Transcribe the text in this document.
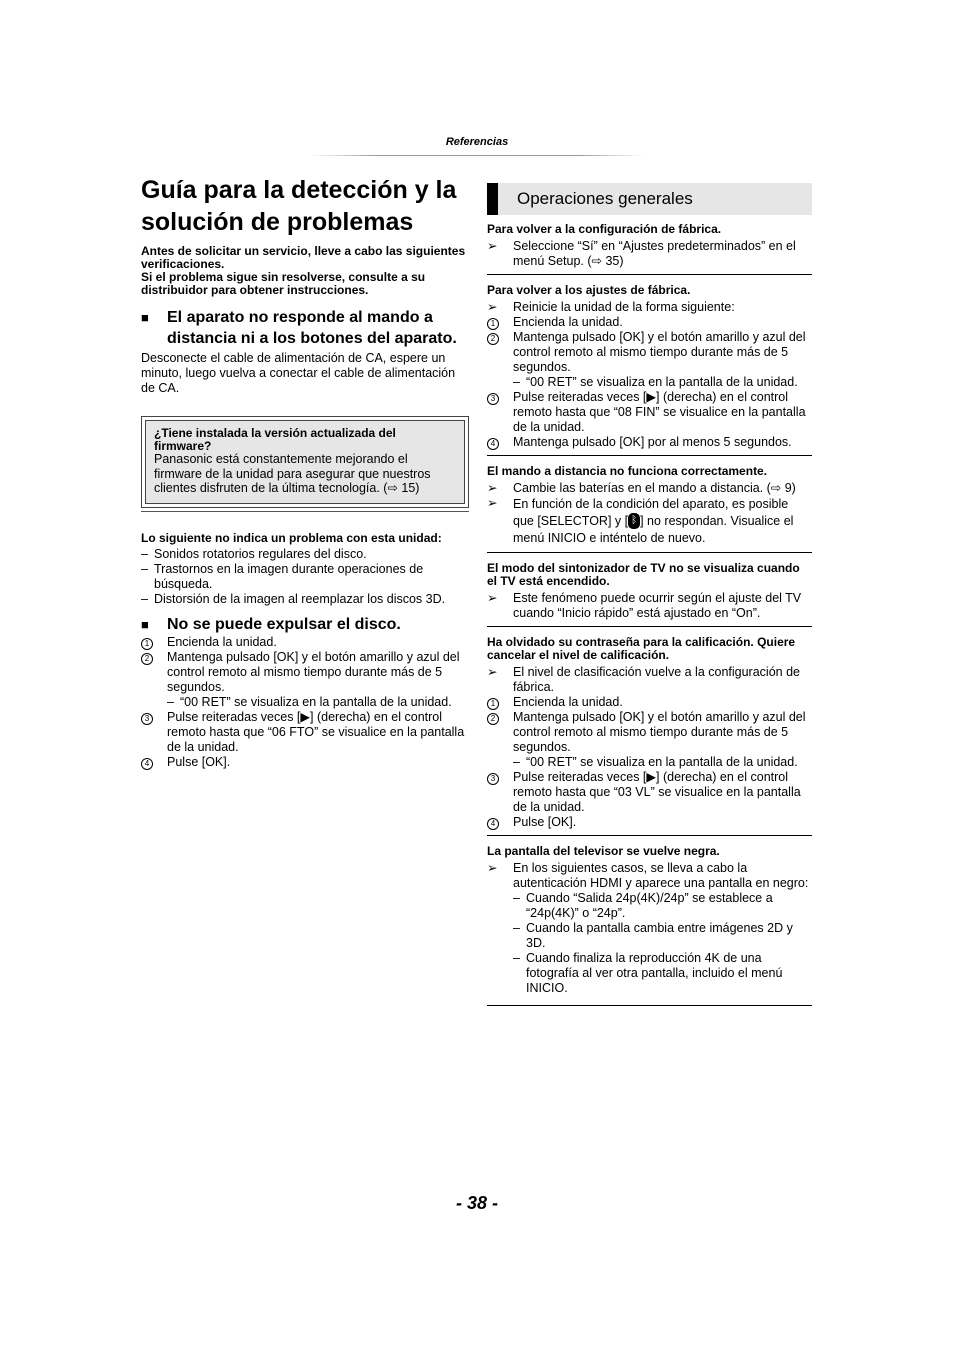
Referencias
Guía para la detección y la solución de problemas
Antes de solicitar un servicio, lleve a cabo las siguientes verificaciones.
Si el problema sigue sin resolverse, consulte a su distribuidor para obtener instrucciones.
■	El aparato no responde al mando a distancia ni a los botones del aparato.
Desconecte el cable de alimentación de CA, espere un minuto, luego vuelva a conectar el cable de alimentación de CA.
¿Tiene instalada la versión actualizada del firmware?
Panasonic está constantemente mejorando el firmware de la unidad para asegurar que nuestros clientes disfruten de la última tecnología. (⇨ 15)
Lo siguiente no indica un problema con esta unidad:
– Sonidos rotatorios regulares del disco.
– Trastornos en la imagen durante operaciones de búsqueda.
– Distorsión de la imagen al reemplazar los discos 3D.
■	No se puede expulsar el disco.
1	Encienda la unidad.
2	Mantenga pulsado [OK] y el botón amarillo y azul del control remoto al mismo tiempo durante más de 5 segundos.
– “00 RET” se visualiza en la pantalla de la unidad.
3	Pulse reiteradas veces [▶] (derecha) en el control remoto hasta que “06 FTO” se visualice en la pantalla de la unidad.
4	Pulse [OK].
Operaciones generales
Para volver a la configuración de fábrica.
➢	Seleccione “Sí” en “Ajustes predeterminados” en el menú Setup. (⇨ 35)
Para volver a los ajustes de fábrica.
➢	Reinicie la unidad de la forma siguiente:
1	Encienda la unidad.
2	Mantenga pulsado [OK] y el botón amarillo y azul del control remoto al mismo tiempo durante más de 5 segundos.
– “00 RET” se visualiza en la pantalla de la unidad.
3	Pulse reiteradas veces [▶] (derecha) en el control remoto hasta que “08 FIN” se visualice en la pantalla de la unidad.
4	Mantenga pulsado [OK] por al menos 5 segundos.
El mando a distancia no funciona correctamente.
➢	Cambie las baterías en el mando a distancia. (⇨ 9)
➢	En función de la condición del aparato, es posible que [SELECTOR] y [ ᛒ ] no respondan. Visualice el menú INICIO e inténtelo de nuevo.
El modo del sintonizador de TV no se visualiza cuando el TV está encendido.
➢	Este fenómeno puede ocurrir según el ajuste del TV cuando “Inicio rápido” está ajustado en “On”.
Ha olvidado su contraseña para la calificación. Quiere cancelar el nivel de calificación.
➢	El nivel de clasificación vuelve a la configuración de fábrica.
1	Encienda la unidad.
2	Mantenga pulsado [OK] y el botón amarillo y azul del control remoto al mismo tiempo durante más de 5 segundos.
– “00 RET” se visualiza en la pantalla de la unidad.
3	Pulse reiteradas veces [▶] (derecha) en el control remoto hasta que “03 VL” se visualice en la pantalla de la unidad.
4	Pulse [OK].
La pantalla del televisor se vuelve negra.
➢	En los siguientes casos, se lleva a cabo la autenticación HDMI y aparece una pantalla en negro:
– Cuando “Salida 24p(4K)/24p” se establece a “24p(4K)” o “24p”.
– Cuando la pantalla cambia entre imágenes 2D y 3D.
– Cuando finaliza la reproducción 4K de una fotografía al ver otra pantalla, incluido el menú INICIO.
- 38 -
